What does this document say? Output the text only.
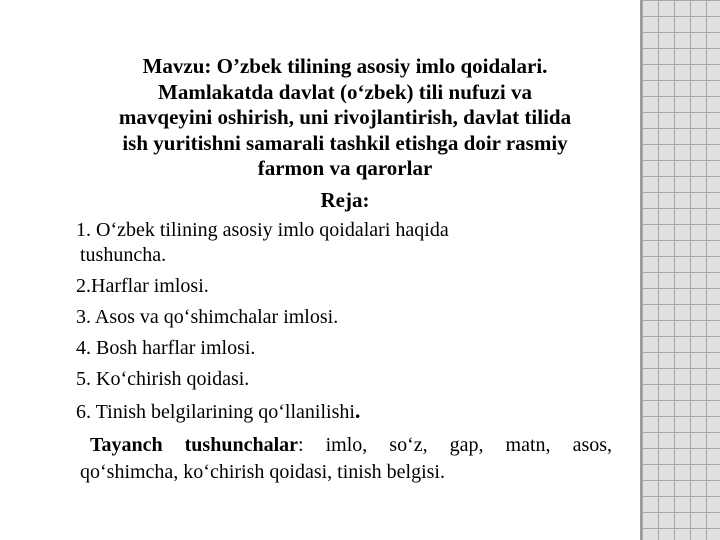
Mavzu: O’zbek tilining asosiy imlo qoidalari.
Mamlakatda davlat (o‘zbek) tili nufuzi va
mavqeyini oshirish, uni rivojlantirish, davlat tilida
ish yuritishni samarali tashkil etishga doir rasmiy
farmon va qarorlar
Reja:
1. O‘zbek tilining asosiy imlo qoidalari haqida
tushuncha.
2.Harflar imlosi.
3. Asos va qo‘shimchalar imlosi.
4. Bosh harflar imlosi.
5. Ko‘chirish qoidasi.
6. Tinish belgilarining qo‘llanilishi.

Tayanch tushunchalar: imlo, so‘z, gap, matn, asos, qo‘shimcha, ko‘chirish qoidasi, tinish belgisi.
